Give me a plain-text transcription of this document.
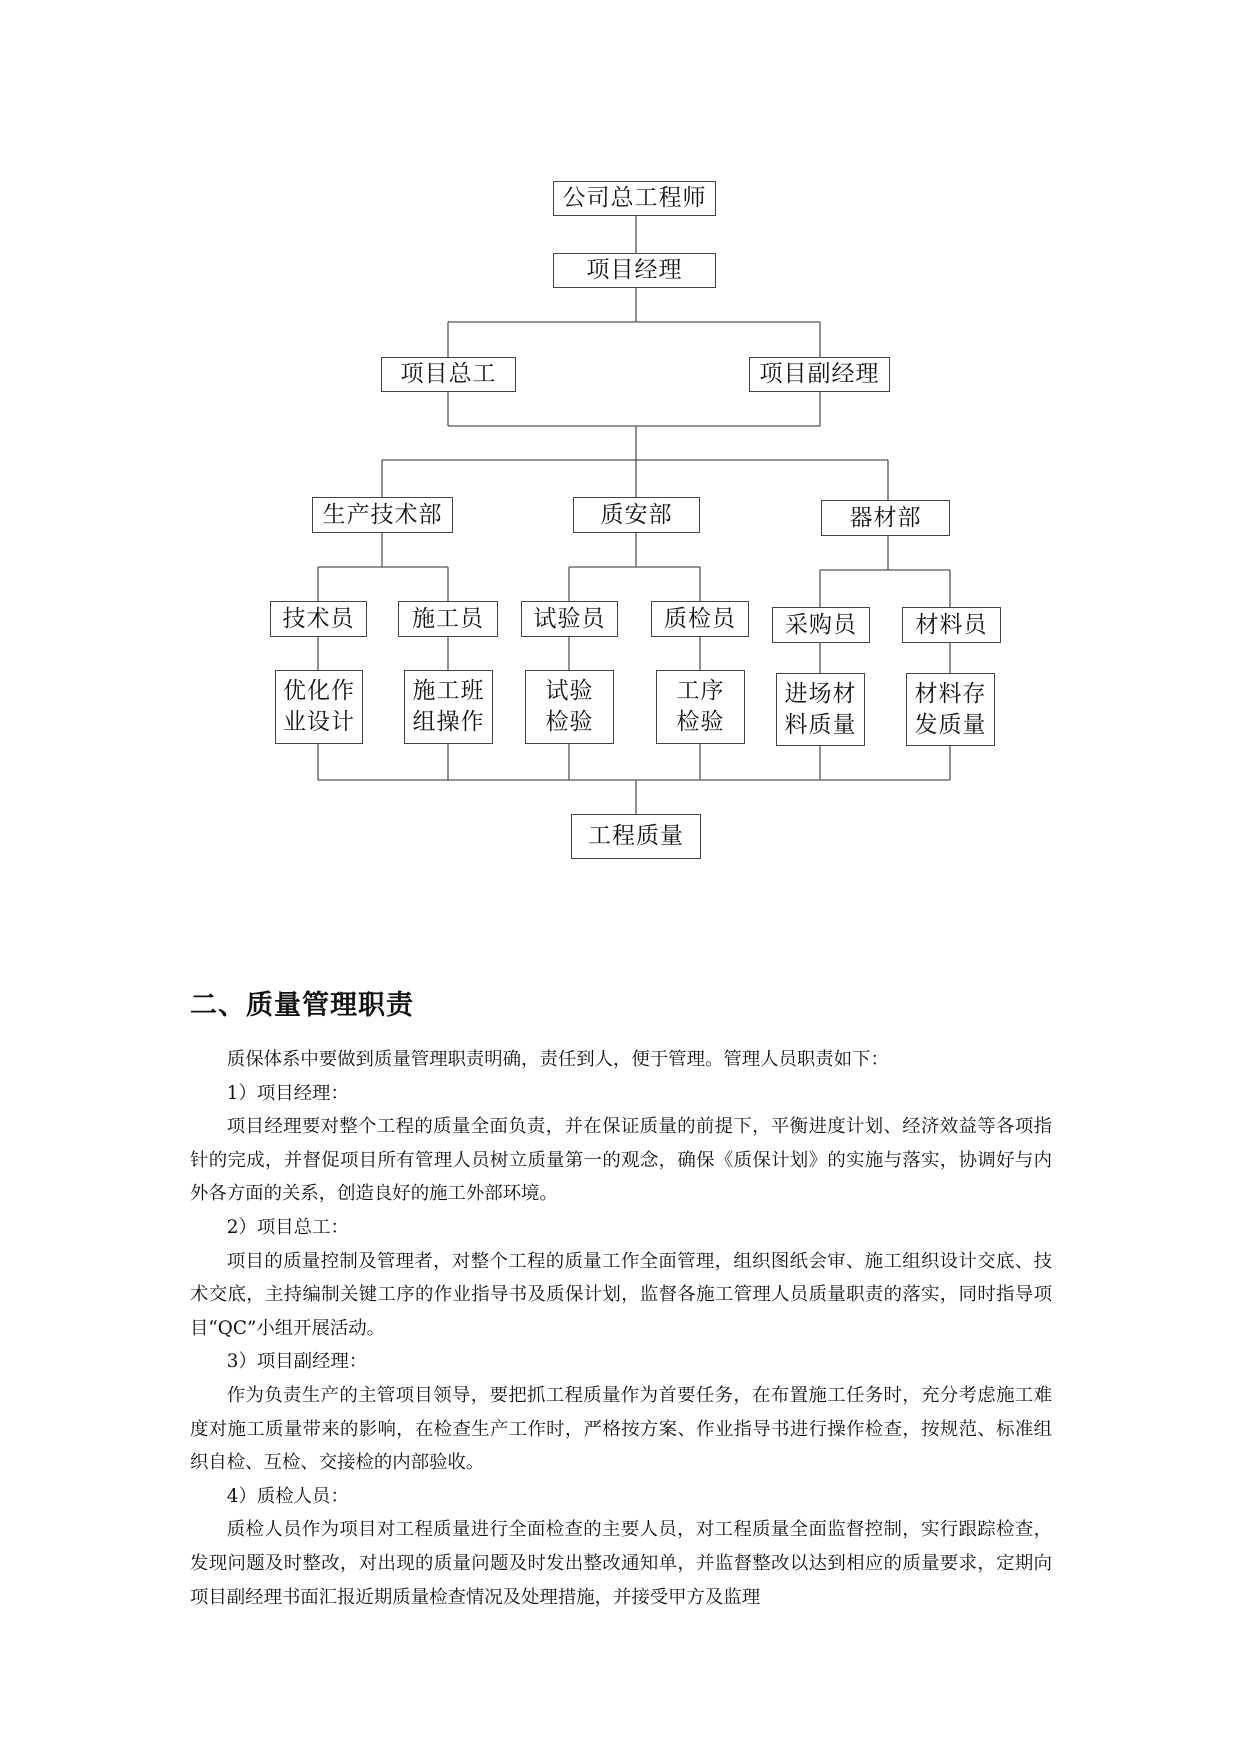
公司总工程师
项目经理
项目总工	项目副经理
生产技术部	质安部	器材部
技术员	施工员	试验员	质检员	采购员	材料员
优化作
业设计
施工班
组操作
试验
检验
工序
检验
进场材
料质量
材料存
发质量
工程质量
二、质量管理职责

质保体系中要做到质量管理职责明确，责任到人，便于管理。管理人员职责如下：

1）项目经理：

项目经理要对整个工程的质量全面负责，并在保证质量的前提下，平衡进度计划、经济效益等各项指针的完成，并督促项目所有管理人员树立质量第一的观念，确保《质保计划》的实施与落实，协调好与内外各方面的关系，创造良好的施工外部环境。

2）项目总工：

项目的质量控制及管理者，对整个工程的质量工作全面管理，组织图纸会审、施工组织设计交底、技术交底，主持编制关键工序的作业指导书及质保计划，监督各施工管理人员质量职责的落实，同时指导项目“QC”小组开展活动。

3）项目副经理：

作为负责生产的主管项目领导，要把抓工程质量作为首要任务，在布置施工任务时，充分考虑施工难度对施工质量带来的影响，在检查生产工作时，严格按方案、作业指导书进行操作检查，按规范、标准组织自检、互检、交接检的内部验收。

4）质检人员：

质检人员作为项目对工程质量进行全面检查的主要人员，对工程质量全面监督控制，实行跟踪检查，发现问题及时整改，对出现的质量问题及时发出整改通知单，并监督整改以达到相应的质量要求，定期向项目副经理书面汇报近期质量检查情况及处理措施，并接受甲方及监理
